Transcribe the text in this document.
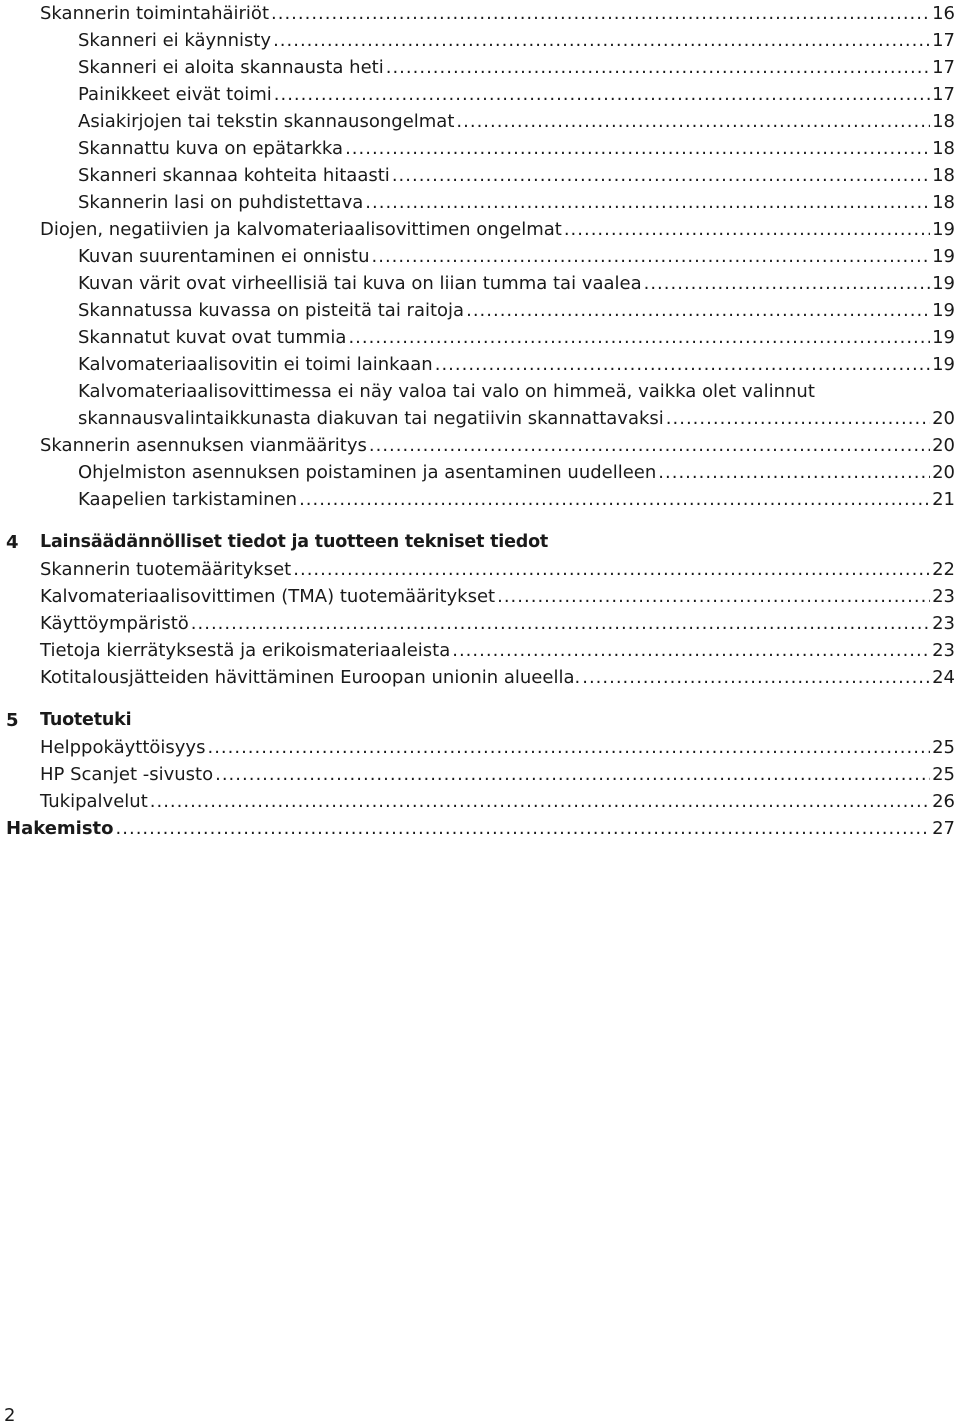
Skannerin toimintahäiriöt .....	16
Skanneri ei käynnisty .....	17
Skanneri ei aloita skannausta heti .....	17
Painikkeet eivät toimi .....	17
Asiakirjojen tai tekstin skannausongelmat .....	18
Skannattu kuva on epätarkka .....	18
Skanneri skannaa kohteita hitaasti .....	18
Skannerin lasi on puhdistettava .....	18
Diojen, negatiivien ja kalvomateriaalisovittimen ongelmat .....	19
Kuvan suurentaminen ei onnistu .....	19
Kuvan värit ovat virheellisiä tai kuva on liian tumma tai vaalea .....	19
Skannatussa kuvassa on pisteitä tai raitoja .....	19
Skannatut kuvat ovat tummia .....	19
Kalvomateriaalisovitin ei toimi lainkaan .....	19
Kalvomateriaalisovittimessa ei näy valoa tai valo on himmeä, vaikka olet valinnut
skannausvalintaikkunasta diakuvan tai negatiivin skannattavaksi .....	20
Skannerin asennuksen vianmääritys .....	20
Ohjelmiston asennuksen poistaminen ja asentaminen uudelleen .....	20
Kaapelien tarkistaminen .....	21
4 Lainsäädännölliset tiedot ja tuotteen tekniset tiedot
Skannerin tuotemääritykset .....	22
Kalvomateriaalisovittimen (TMA) tuotemääritykset .....	23
Käyttöympäristö .....	23
Tietoja kierrätyksestä ja erikoismateriaaleista .....	23
Kotitalousjätteiden hävittäminen Euroopan unionin alueella. .....	24
5 Tuotetuki
Helppokäyttöisyys .....	25
HP Scanjet -sivusto .....	25
Tukipalvelut .....	26
Hakemisto .....	27
2
